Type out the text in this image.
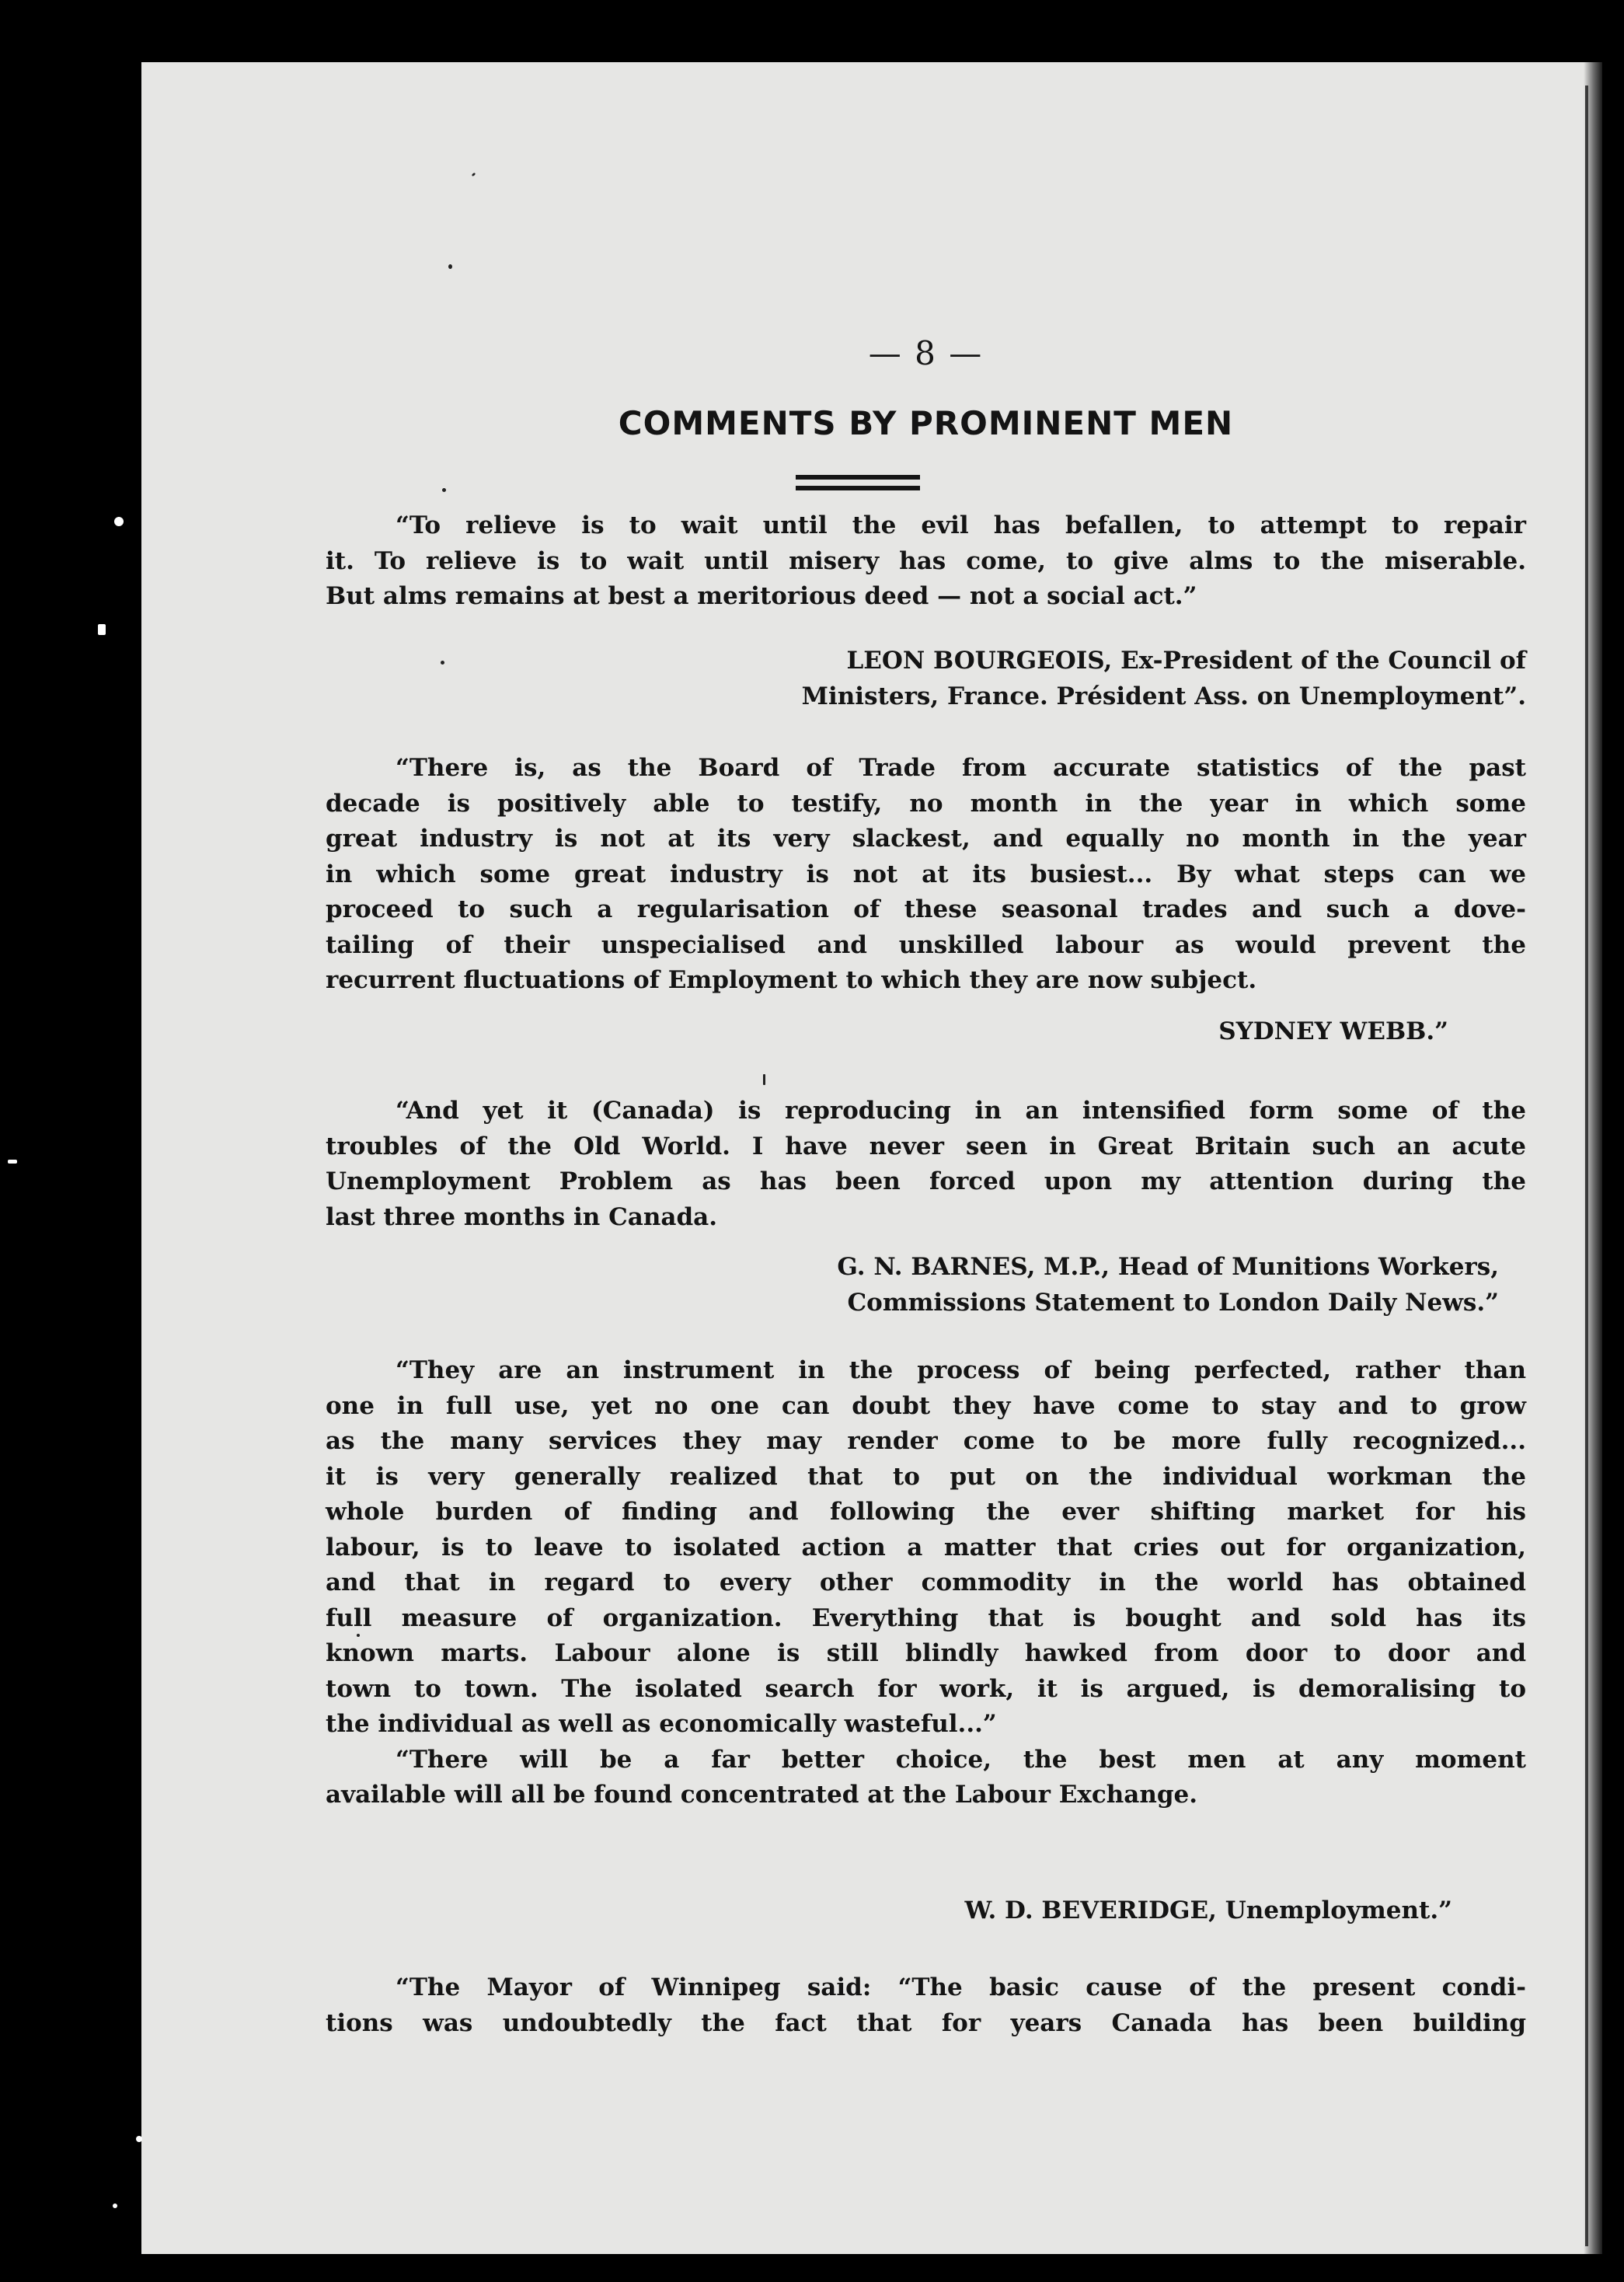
— 8 —
COMMENTS BY PROMINENT MEN
“To relieve is to wait until the evil has befallen, to attempt to repair
it. To relieve is to wait until misery has come, to give alms to the miserable.
But alms remains at best a meritorious deed — not a social act.”
LEON BOURGEOIS, Ex-President of the Council of
Ministers, France. Président Ass. on Unemployment”.
“There is, as the Board of Trade from accurate statistics of the past
decade is positively able to testify, no month in the year in which some
great industry is not at its very slackest, and equally no month in the year
in which some great industry is not at its busiest... By what steps can we
proceed to such a regularisation of these seasonal trades and such a dove-
tailing of their unspecialised and unskilled labour as would prevent the
recurrent fluctuations of Employment to which they are now subject.
SYDNEY WEBB.”
“And yet it (Canada) is reproducing in an intensified form some of the
troubles of the Old World. I have never seen in Great Britain such an acute
Unemployment Problem as has been forced upon my attention during the
last three months in Canada.
G. N. BARNES, M.P., Head of Munitions Workers,
Commissions Statement to London Daily News.”
“They are an instrument in the process of being perfected, rather than
one in full use, yet no one can doubt they have come to stay and to grow
as the many services they may render come to be more fully recognized...
it is very generally realized that to put on the individual workman the
whole burden of finding and following the ever shifting market for his
labour, is to leave to isolated action a matter that cries out for organization,
and that in regard to every other commodity in the world has obtained
full measure of organization. Everything that is bought and sold has its
known marts. Labour alone is still blindly hawked from door to door and
town to town. The isolated search for work, it is argued, is demoralising to
the individual as well as economically wasteful...”
“There will be a far better choice, the best men at any moment
available will all be found concentrated at the Labour Exchange.
W. D. BEVERIDGE, Unemployment.”
“The Mayor of Winnipeg said: “The basic cause of the present condi-
tions was undoubtedly the fact that for years Canada has been building
